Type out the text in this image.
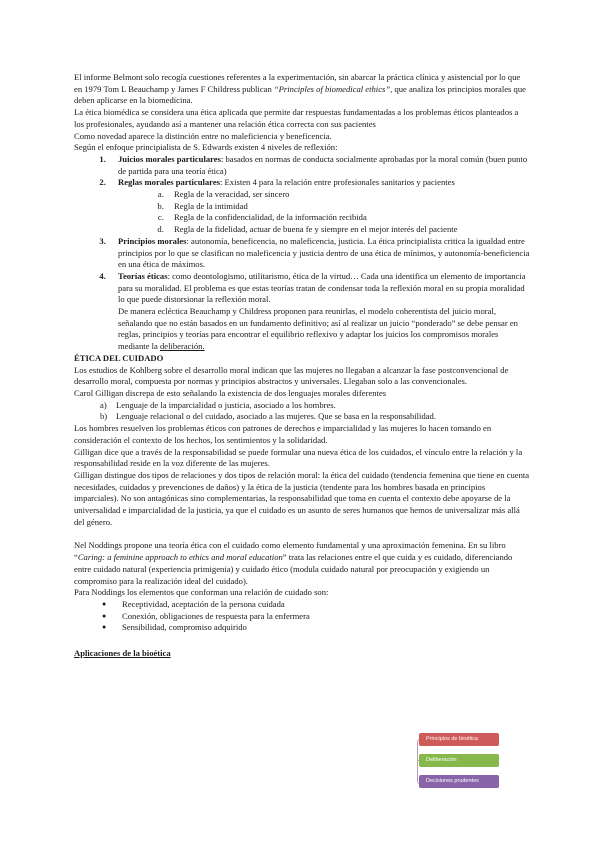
El informe Belmont solo recogía cuestiones referentes a la experimentación, sin abarcar la práctica clínica y asistencial por lo que en 1979 Tom L Beauchamp y James F Childress publican “Principles of biomedical ethics”, que analiza los principios morales que deben aplicarse en la biomedicina.

La ética biomédica se considera una ética aplicada que permite dar respuestas fundamentadas a los problemas éticos planteados a los profesionales, ayudando así a mantener una relación ética correcta con sus pacientes

Como novedad aparece la distinción entre no maleficiencia y beneficencia.

Según el enfoque principialista de S. Edwards existen 4 niveles de reflexión:

1. Juicios morales particulares: basados en normas de conducta socialmente aprobadas por la moral común (buen punto de partida para una teoría ética)
2. Reglas morales particulares: Existen 4 para la relación entre profesionales sanitarios y pacientes
a. Regla de la veracidad, ser sincero
b. Regla de la intimidad
c. Regla de la confidencialidad, de la información recibida
d. Regla de la fidelidad, actuar de buena fe y siempre en el mejor interés del paciente
3. Principios morales: autonomía, beneficencia, no maleficencia, justicia. La ética principialista critica la igualdad entre principios por lo que se clasifican no maleficencia y justicia dentro de una ética de mínimos, y autonomía-beneficiencia en una ética de máximos.
4. Teorías éticas: como deontologismo, utilitarismo, ética de la virtud… Cada una identifica un elemento de importancia para su moralidad. El problema es que estas teorías tratan de condensar toda la reflexión moral en su propia moralidad lo que puede distorsionar la reflexión moral.

De manera ecléctica Beauchamp y Childress proponen para reunirlas, el modelo coherentista del juicio moral, señalando que no están basados en un fundamento definitivo; así al realizar un juicio “ponderado” se debe pensar en reglas, principios y teorías para encontrar el equilibrio reflexivo y adaptar los juicios los compromisos morales mediante la deliberación.

ÉTICA DEL CUIDADO

Los estudios de Kohlberg sobre el desarrollo moral indican que las mujeres no llegaban a alcanzar la fase postconvencional de desarrollo moral, compuesta por normas y principios abstractos y universales. Llegaban solo a las convencionales.

Carol Gilligan discrepa de esto señalando la existencia de dos lenguajes morales diferentes

Lenguaje de la imparcialidad o justicia, asociado a los hombres.
Lenguaje relacional o del cuidado, asociado a las mujeres. Que se basa en la responsabilidad.

Los hombres resuelven los problemas éticos con patrones de derechos e imparcialidad y las mujeres lo hacen tomando en consideración el contexto de los hechos, los sentimientos y la solidaridad.

Gilligan dice que a través de la responsabilidad se puede formular una nueva ética de los cuidados, el vínculo entre la relación y la responsabilidad reside en la voz diferente de las mujeres.

Gilligan distingue dos tipos de relaciones y dos tipos de relación moral: la ética del cuidado (tendencia femenina que tiene en cuenta necesidades, cuidados y prevenciones de daños) y la ética de la justicia (tendente para los hombres basada en principios imparciales). No son antagónicas sino complementarias, la responsabilidad que toma en cuenta el contexto debe apoyarse de la universalidad e imparcialidad de la justicia, ya que el cuidado es un asunto de seres humanos que hemos de universalizar más allá del género.

Nel Noddings propone una teoría ética con el cuidado como elemento fundamental y una aproximación femenina. En su libro “Caring: a feminine approach to ethics and moral education” trata las relaciones entre el que cuida y es cuidado, diferenciando entre cuidado natural (experiencia primigenia) y cuidado ético (modula cuidado natural por preocupación y exigiendo un compromiso para la realización ideal del cuidado).

Para Noddings los elementos que conforman una relación de cuidado son:

● Receptividad, aceptación de la persona cuidada
● Conexión, obligaciones de respuesta para la enfermera
● Sensibilidad, compromiso adquirido

Aplicaciones de la bioética

Principios de bioética
Deliberación
Decisiones prudentes
